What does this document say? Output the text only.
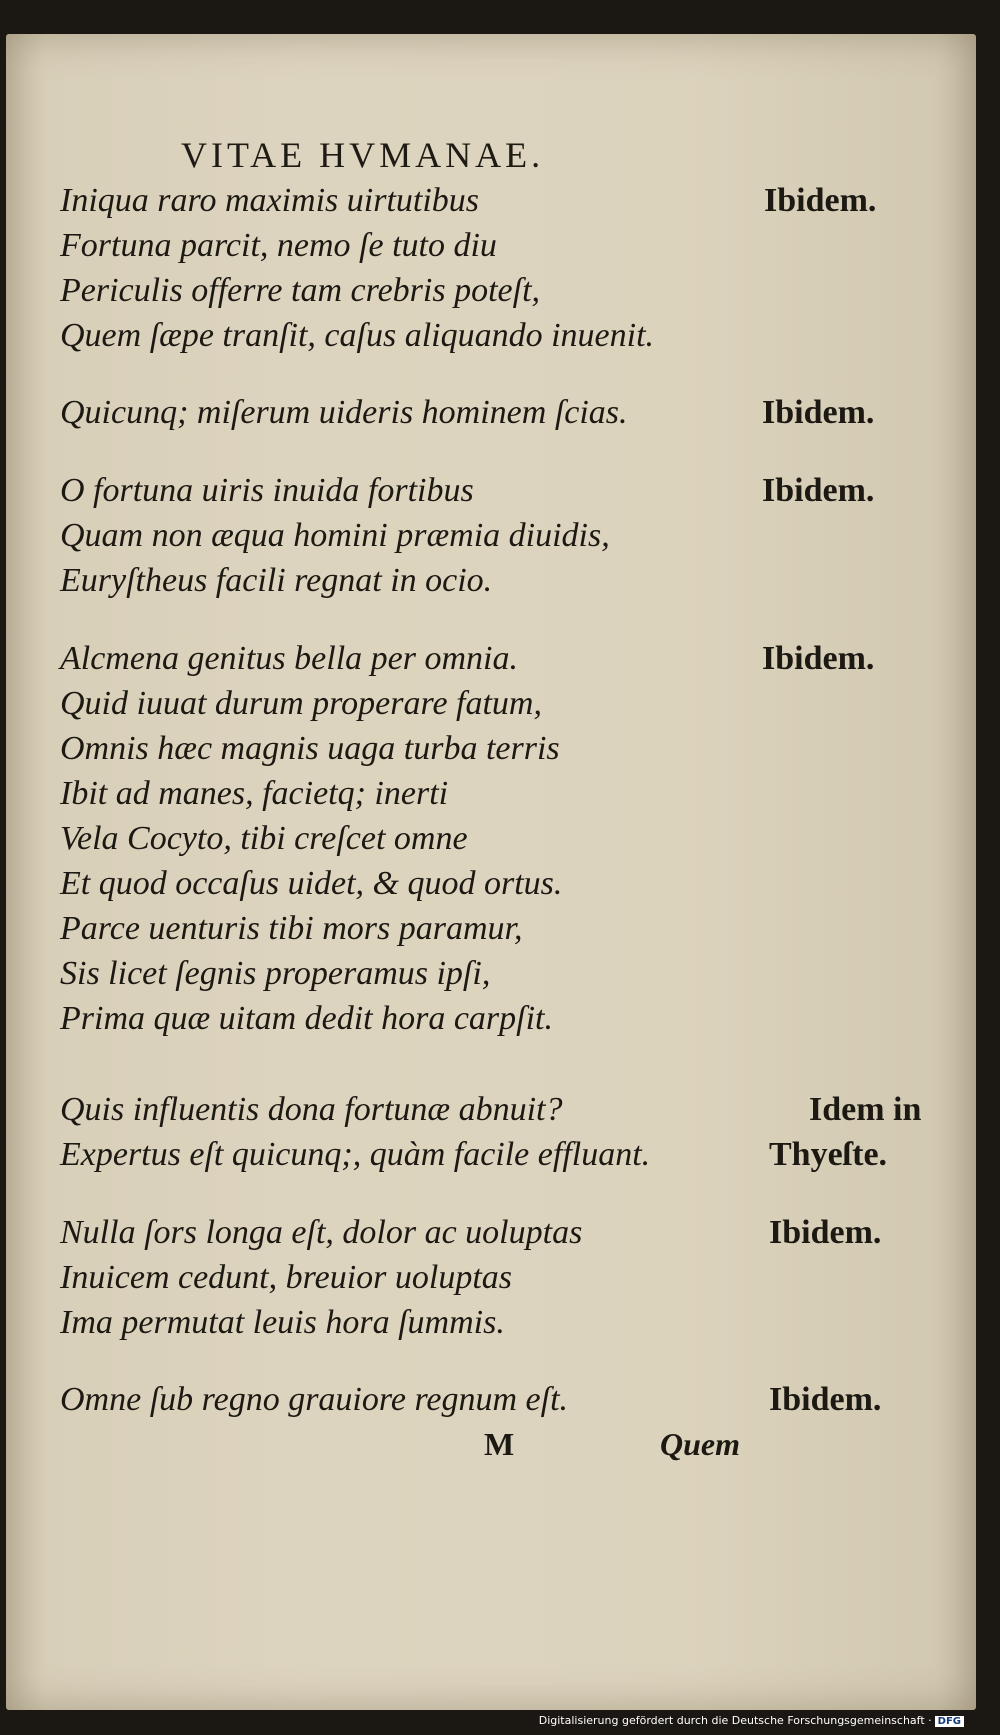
VITAE HVMANAE.
Iniqua raro maximis uirtutibus
Fortuna parcit, nemo ſe tuto diu
Periculis offerre tam crebris poteſt,
Quem ſæpe tranſit, caſus aliquando inuenit.
Quicunq; miſerum uideris hominem ſcias.
O fortuna uiris inuida fortibus
Quam non æqua homini præmia diuidis,
Euryſtheus facili regnat in ocio.
Alcmena genitus bella per omnia.
Quid iuuat durum properare fatum,
Omnis hæc magnis uaga turba terris
Ibit ad manes, facietq; inerti
Vela Cocyto, tibi creſcet omne
Et quod occaſus uidet, & quod ortus.
Parce uenturis tibi mors paramur,
Sis licet ſegnis properamus ipſi,
Prima quæ uitam dedit hora carpſit.
Quis influentis dona fortunæ abnuit?
Expertus eſt quicunq;, quàm facile effluant.
Nulla ſors longa eſt, dolor ac uoluptas
Inuicem cedunt, breuior uoluptas
Ima permutat leuis hora ſummis.
Omne ſub regno grauiore regnum eſt.
Ibidem.
Ibidem.
Ibidem.
Ibidem.
Idem in
Thyeſte.
Ibidem.
Ibidem.
M	Quem
Digitalisierung gefördert durch die Deutsche Forschungsgemeinschaft · DFG
